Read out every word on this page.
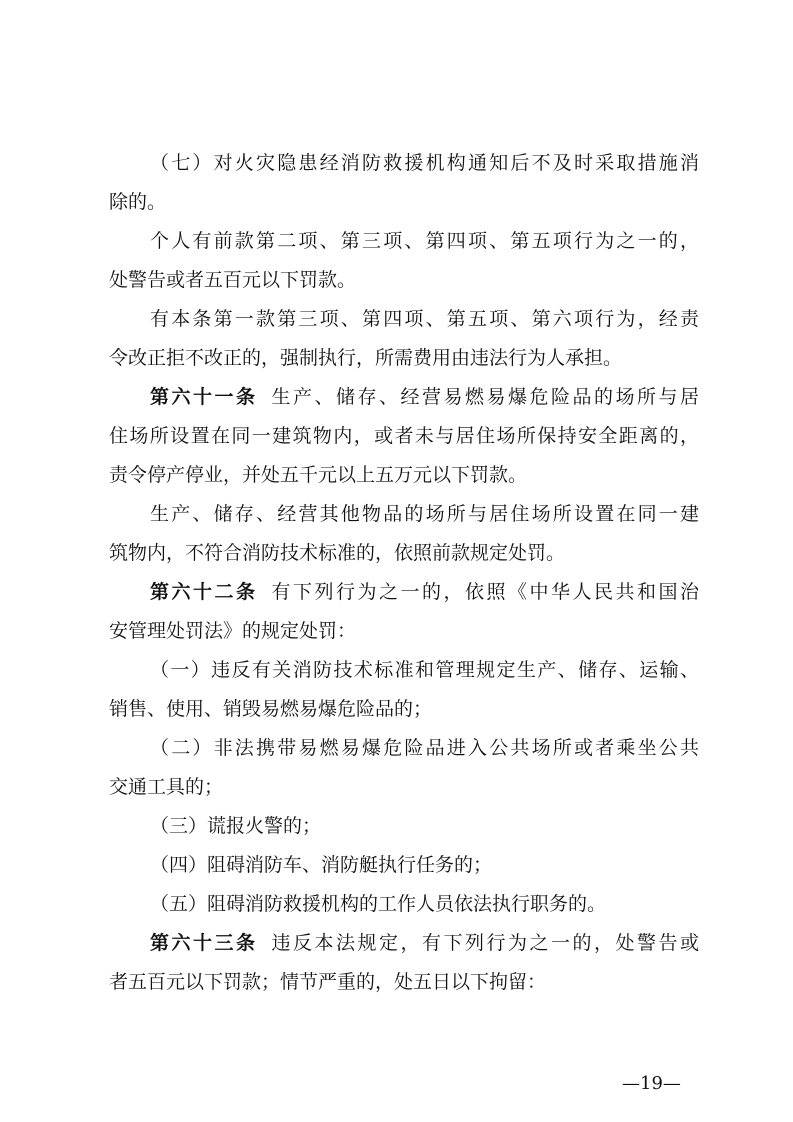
（七）对火灾隐患经消防救援机构通知后不及时采取措施消
除的。
个人有前款第二项、第三项、第四项、第五项行为之一的，
处警告或者五百元以下罚款。
有本条第一款第三项、第四项、第五项、第六项行为，经责
令改正拒不改正的，强制执行，所需费用由违法行为人承担。
第六十一条 生产、储存、经营易燃易爆危险品的场所与居
住场所设置在同一建筑物内，或者未与居住场所保持安全距离的，
责令停产停业，并处五千元以上五万元以下罚款。
生产、储存、经营其他物品的场所与居住场所设置在同一建
筑物内，不符合消防技术标准的，依照前款规定处罚。
第六十二条 有下列行为之一的，依照《中华人民共和国治
安管理处罚法》的规定处罚：
（一）违反有关消防技术标准和管理规定生产、储存、运输、
销售、使用、销毁易燃易爆危险品的；
（二）非法携带易燃易爆危险品进入公共场所或者乘坐公共
交通工具的；
（三）谎报火警的；
（四）阻碍消防车、消防艇执行任务的；
（五）阻碍消防救援机构的工作人员依法执行职务的。
第六十三条 违反本法规定，有下列行为之一的，处警告或
者五百元以下罚款；情节严重的，处五日以下拘留：
—19—
